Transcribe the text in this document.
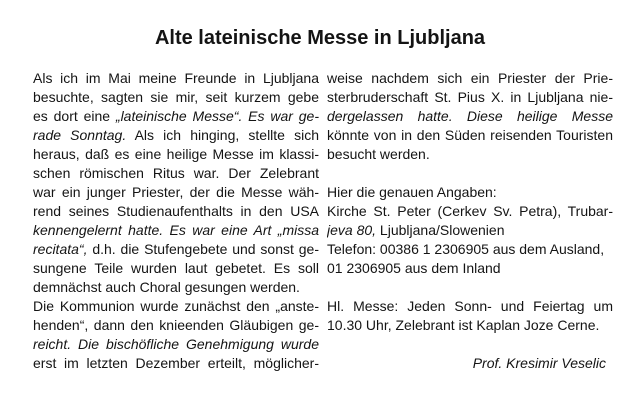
Alte lateinische Messe in Ljubljana
Als ich im Mai meine Freunde in Ljubljana
besuchte, sagten sie mir, seit kurzem gebe
es dort eine „lateinische Messe“. Es war ge-
rade Sonntag. Als ich hinging, stellte sich
heraus, daß es eine heilige Messe im klassi-
schen römischen Ritus war. Der Zelebrant
war ein junger Priester, der die Messe wäh-
rend seines Studienaufenthalts in den USA
kennengelernt hatte. Es war eine Art „missa
recitata“, d.h. die Stufengebete und sonst ge-
sungene Teile wurden laut gebetet. Es soll
demnächst auch Choral gesungen werden.
Die Kommunion wurde zunächst den „anste-
henden“, dann den knieenden Gläubigen ge-
reicht. Die bischöfliche Genehmigung wurde
erst im letzten Dezember erteilt, möglicher-
weise nachdem sich ein Priester der Prie-
sterbruderschaft St. Pius X. in Ljubljana nie-
dergelassen hatte. Diese heilige Messe
könnte von in den Süden reisenden Touristen
besucht werden.
Hier die genauen Angaben:
Kirche St. Peter (Cerkev Sv. Petra), Trubar-
jeva 80, Ljubljana/Slowenien
Telefon: 00386 1 2306905 aus dem Ausland,
01 2306905 aus dem Inland
Hl. Messe: Jeden Sonn- und Feiertag um
10.30 Uhr, Zelebrant ist Kaplan Joze Cerne.
Prof. Kresimir Veselic
